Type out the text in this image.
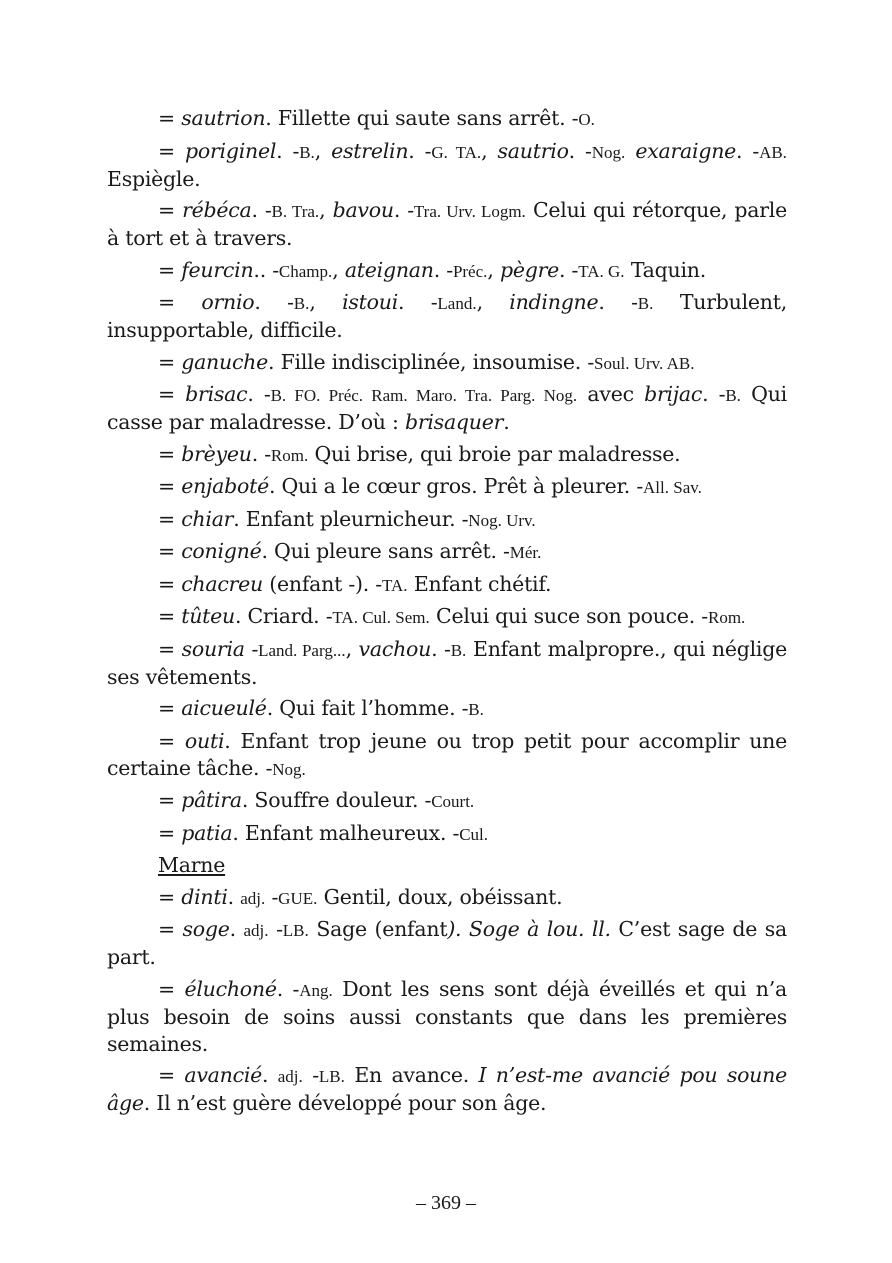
= sautrion. Fillette qui saute sans arrêt. -O.

= poriginel. -B., estrelin. -G. TA., sautrio. -Nog. exaraigne. -AB. Espiègle.

= rébéca. -B. Tra., bavou. -Tra. Urv. Logm. Celui qui rétorque, parle à tort et à travers.

= feurcin.. -Champ., ateignan. -Préc., pègre. -TA. G. Taquin.

= ornio. -B., istoui. -Land., indingne. -B. Turbulent, insupportable, difficile.

= ganuche. Fille indisciplinée, insoumise. -Soul. Urv. AB.

= brisac. -B. FO. Préc. Ram. Maro. Tra. Parg. Nog. avec brijac. -B. Qui casse par maladresse. D’où : brisaquer.

= brèyeu. -Rom. Qui brise, qui broie par maladresse.

= enjaboté. Qui a le cœur gros. Prêt à pleurer. -All. Sav.

= chiar. Enfant pleurnicheur. -Nog. Urv.

= conigné. Qui pleure sans arrêt. -Mér.

= chacreu (enfant -). -TA. Enfant chétif.

= tûteu. Criard. -TA. Cul. Sem. Celui qui suce son pouce. -Rom.

= souria -Land. Parg..., vachou. -B. Enfant malpropre., qui néglige ses vêtements.

= aicueulé. Qui fait l’homme. -B.

= outi. Enfant trop jeune ou trop petit pour accomplir une certaine tâche. -Nog.

= pâtira. Souffre douleur. -Court.

= patia. Enfant malheureux. -Cul.

Marne

= dinti. adj. -GUE. Gentil, doux, obéissant.

= soge. adj. -LB. Sage (enfant). Soge à lou. ll. C’est sage de sa part.

= éluchoné. -Ang. Dont les sens sont déjà éveillés et qui n’a plus besoin de soins aussi constants que dans les premières semaines.

= avancié. adj. -LB. En avance. I n’est-me avancié pou soune âge. Il n’est guère développé pour son âge.

– 369 –
